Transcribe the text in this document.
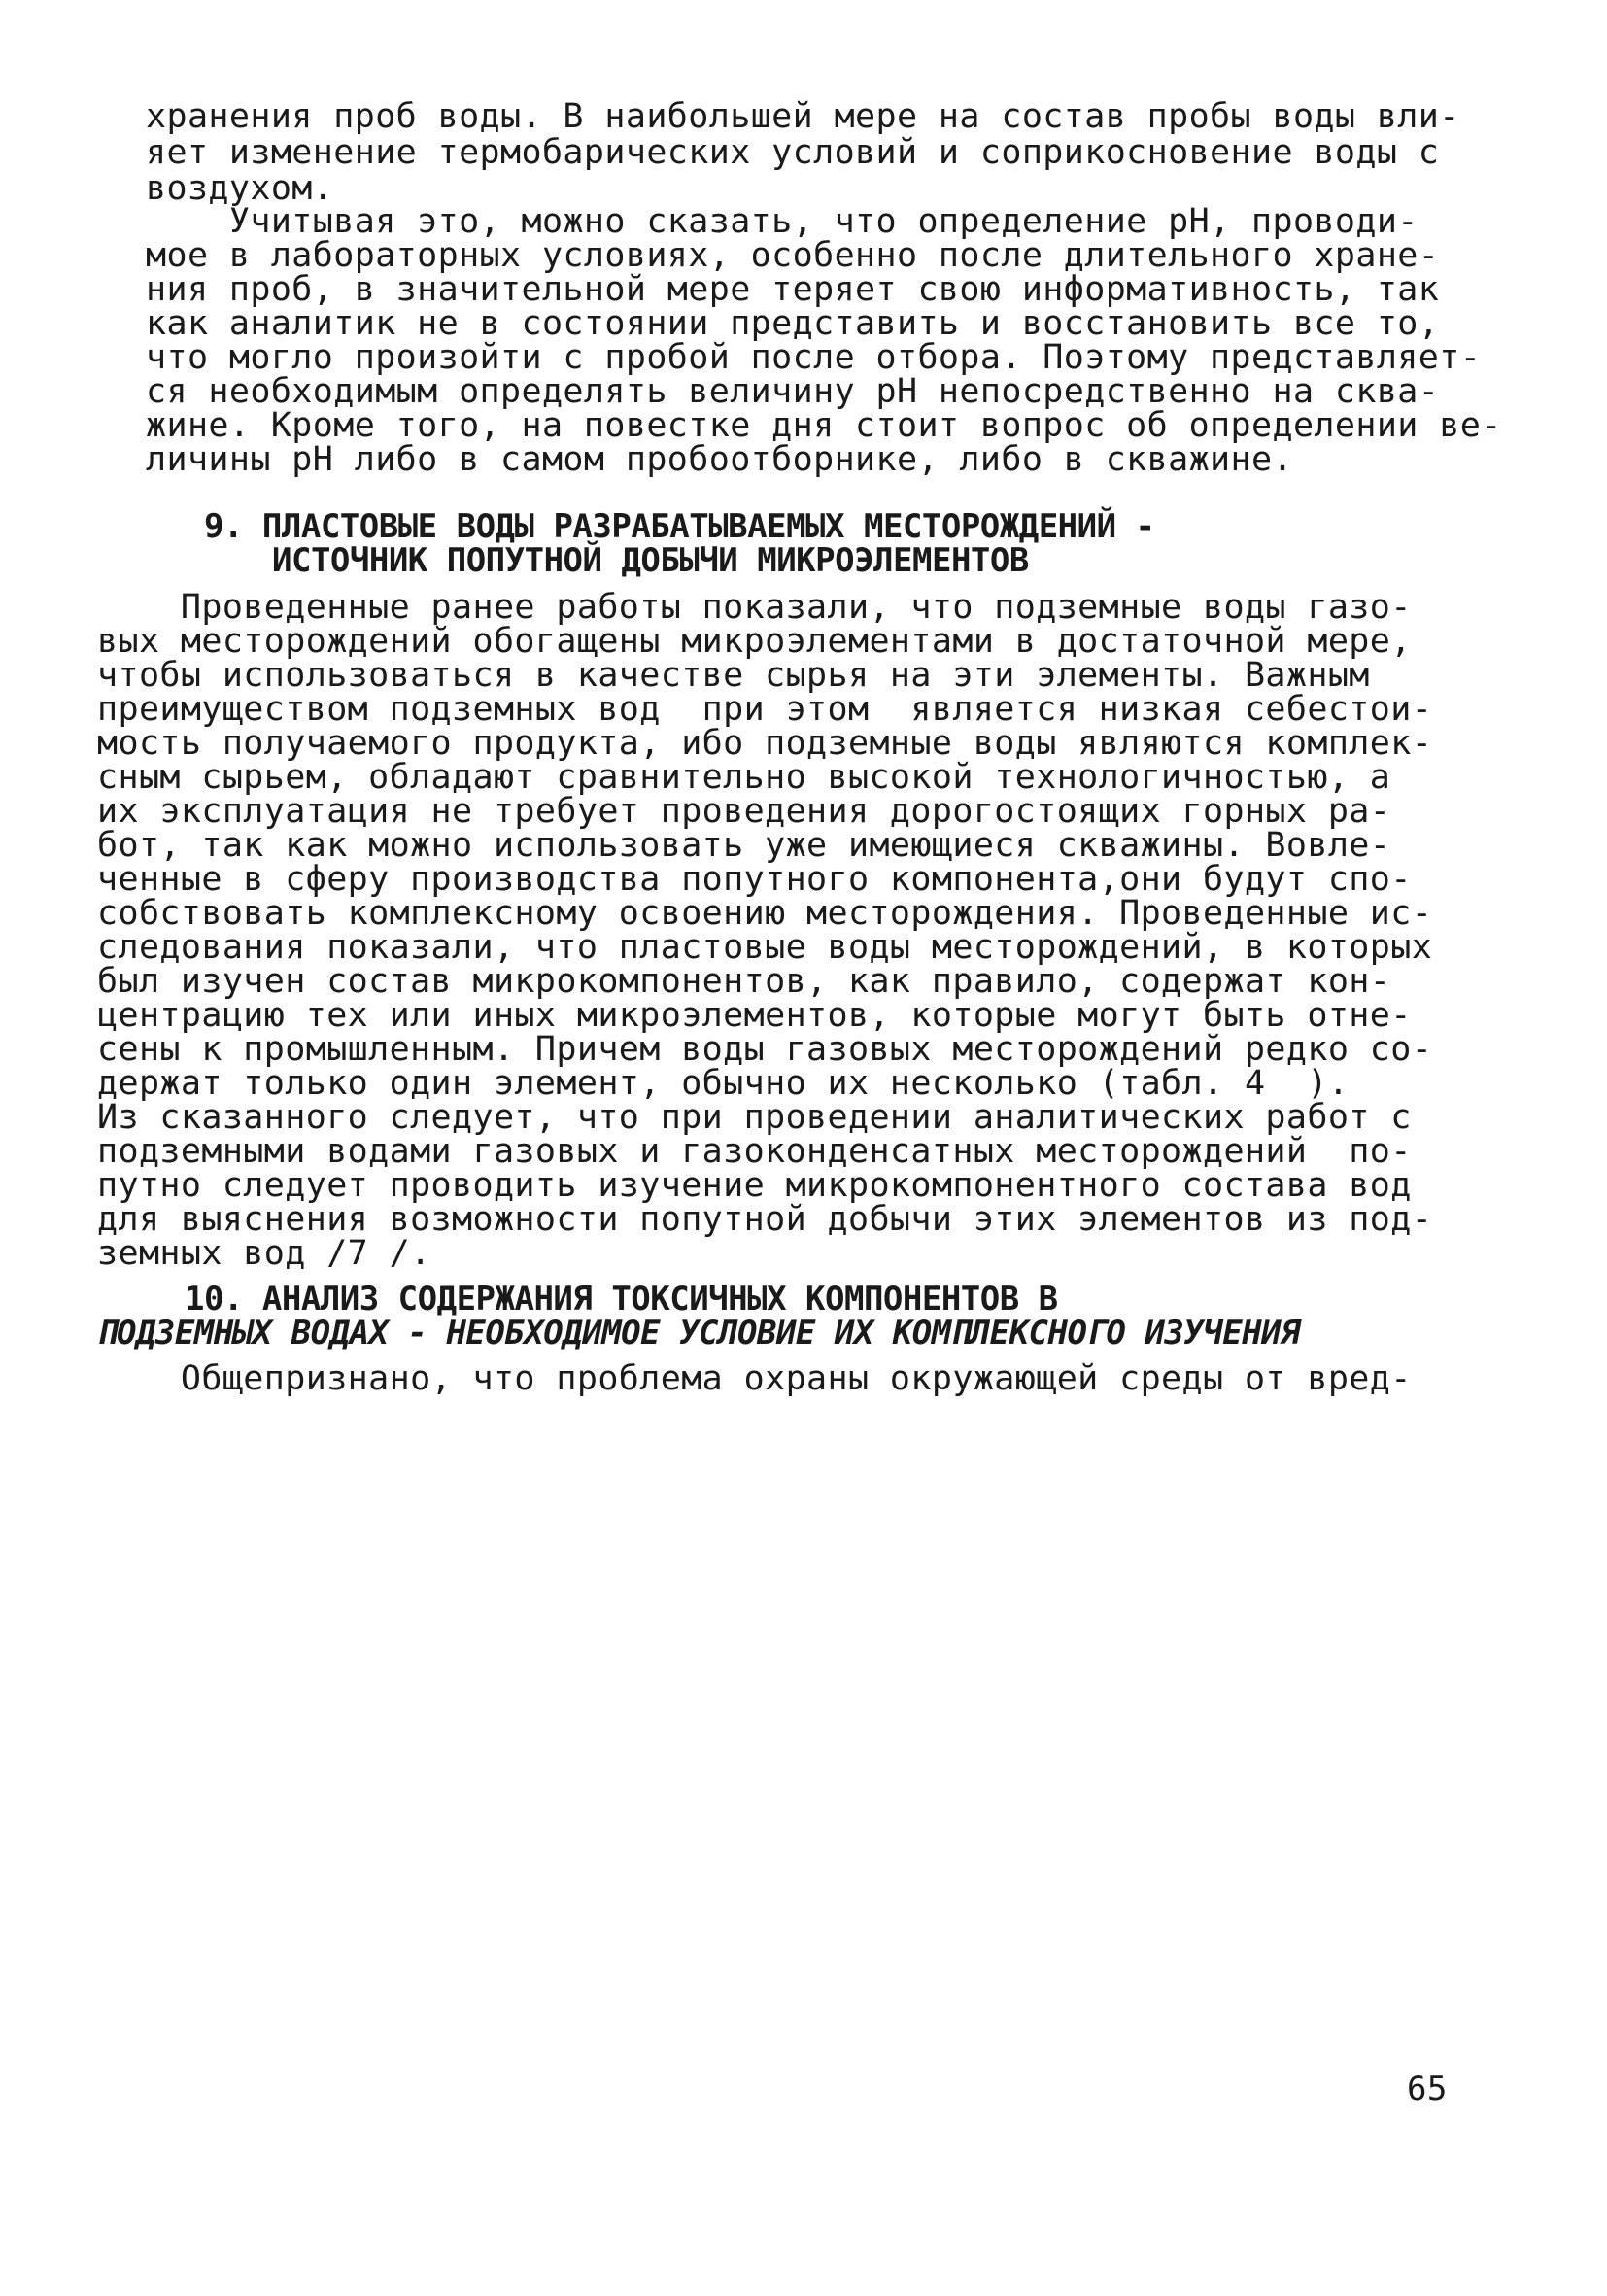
хранения проб воды. В наибольшей мере на состав пробы воды вли-
яет изменение термобарических условий и соприкосновение воды с
воздухом.
Учитывая это, можно сказать, что определение рН, проводи-
мое в лабораторных условиях, особенно после длительного хране-
ния проб, в значительной мере теряет свою информативность, так
как аналитик не в состоянии представить и восстановить все то,
что могло произойти с пробой после отбора. Поэтому представляет-
ся необходимым определять величину рН непосредственно на сква-
жине. Кроме того, на повестке дня стоит вопрос об определении ве-
личины рН либо в самом пробоотборнике, либо в скважине.
9. ПЛАСТОВЫЕ ВОДЫ РАЗРАБАТЫВАЕМЫХ МЕСТОРОЖДЕНИЙ -
ИСТОЧНИК ПОПУТНОЙ ДОБЫЧИ МИКРОЭЛЕМЕНТОВ
Проведенные ранее работы показали, что подземные воды газо-
вых месторождений обогащены микроэлементами в достаточной мере,
чтобы использоваться в качестве сырья на эти элементы. Важным
преимуществом подземных вод  при этом  является низкая себестои-
мость получаемого продукта, ибо подземные воды являются комплек-
сным сырьем, обладают сравнительно высокой технологичностью, а
их эксплуатация не требует проведения дорогостоящих горных ра-
бот, так как можно использовать уже имеющиеся скважины. Вовле-
ченные в сферу производства попутного компонента,они будут спо-
собствовать комплексному освоению месторождения. Проведенные ис-
следования показали, что пластовые воды месторождений, в которых
был изучен состав микрокомпонентов, как правило, содержат кон-
центрацию тех или иных микроэлементов, которые могут быть отне-
сены к промышленным. Причем воды газовых месторождений редко со-
держат только один элемент, обычно их несколько (табл. 4  ).
Из сказанного следует, что при проведении аналитических работ с
подземными водами газовых и газоконденсатных месторождений  по-
путно следует проводить изучение микрокомпонентного состава вод
для выяснения возможности попутной добычи этих элементов из под-
земных вод /7 /.
10. АНАЛИЗ СОДЕРЖАНИЯ ТОКСИЧНЫХ КОМПОНЕНТОВ В
ПОДЗЕМНЫХ ВОДАХ - НЕОБХОДИМОЕ УСЛОВИЕ ИХ КОМПЛЕКСНОГО ИЗУЧЕНИЯ
Общепризнано, что проблема охраны окружающей среды от вред-
65
